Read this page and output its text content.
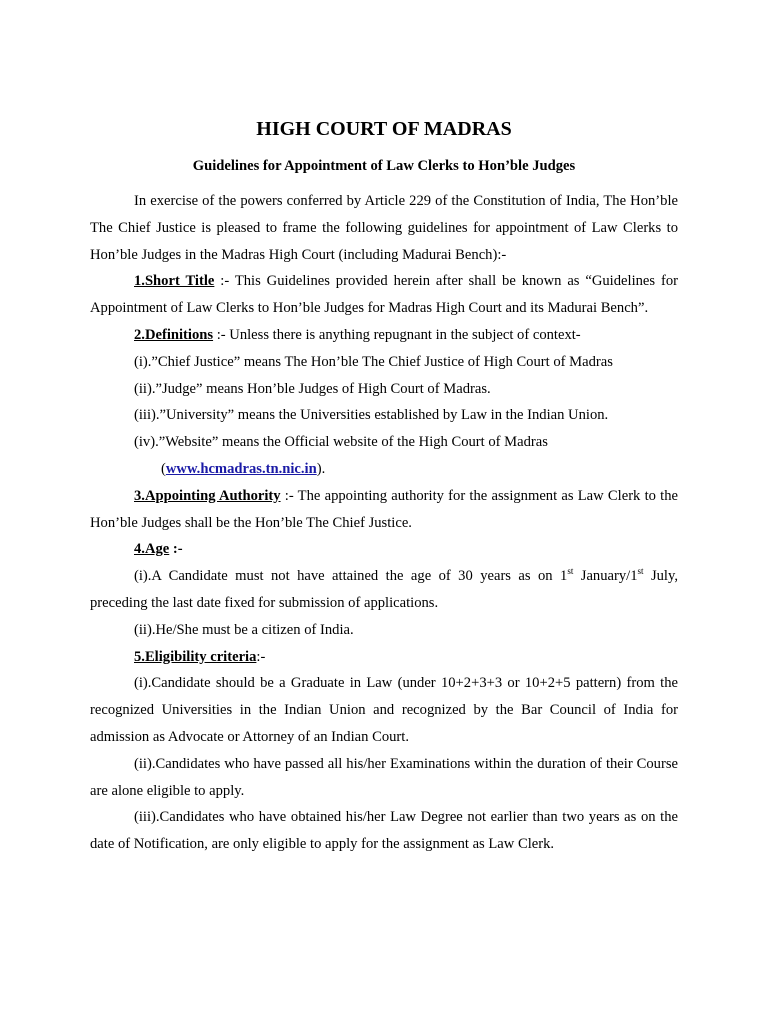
HIGH COURT OF MADRAS
Guidelines for Appointment of Law Clerks to Hon’ble Judges

In exercise of the powers conferred by Article 229 of the Constitution of India, The Hon’ble The Chief Justice is pleased to frame the following guidelines for appointment of Law Clerks to Hon’ble Judges in the Madras High Court (including Madurai Bench):-

1.Short Title :- This Guidelines provided herein after shall be known as “Guidelines for Appointment of Law Clerks to Hon’ble Judges for Madras High Court and its Madurai Bench”.

2.Definitions :- Unless there is anything repugnant in the subject of context-

(i).”Chief Justice” means The Hon’ble The Chief Justice of High Court of Madras

(ii).”Judge” means Hon’ble Judges of High Court of Madras.

(iii).”University” means the Universities established by Law in the Indian Union.

(iv).”Website” means the Official website of the High Court of Madras

(www.hcmadras.tn.nic.in).

3.Appointing Authority :- The appointing authority for the assignment as Law Clerk to the Hon’ble Judges shall be the Hon’ble The Chief Justice.

4.Age :-

(i).A Candidate must not have attained the age of 30 years as on 1st January/1st July, preceding the last date fixed for submission of applications.

(ii).He/She must be a citizen of India.

5.Eligibility criteria:-

(i).Candidate should be a Graduate in Law (under 10+2+3+3 or 10+2+5 pattern) from the recognized Universities in the Indian Union and recognized by the Bar Council of India for admission as Advocate or Attorney of an Indian Court.

(ii).Candidates who have passed all his/her Examinations within the duration of their Course are alone eligible to apply.

(iii).Candidates who have obtained his/her Law Degree not earlier than two years as on the date of Notification, are only eligible to apply for the assignment as Law Clerk.
